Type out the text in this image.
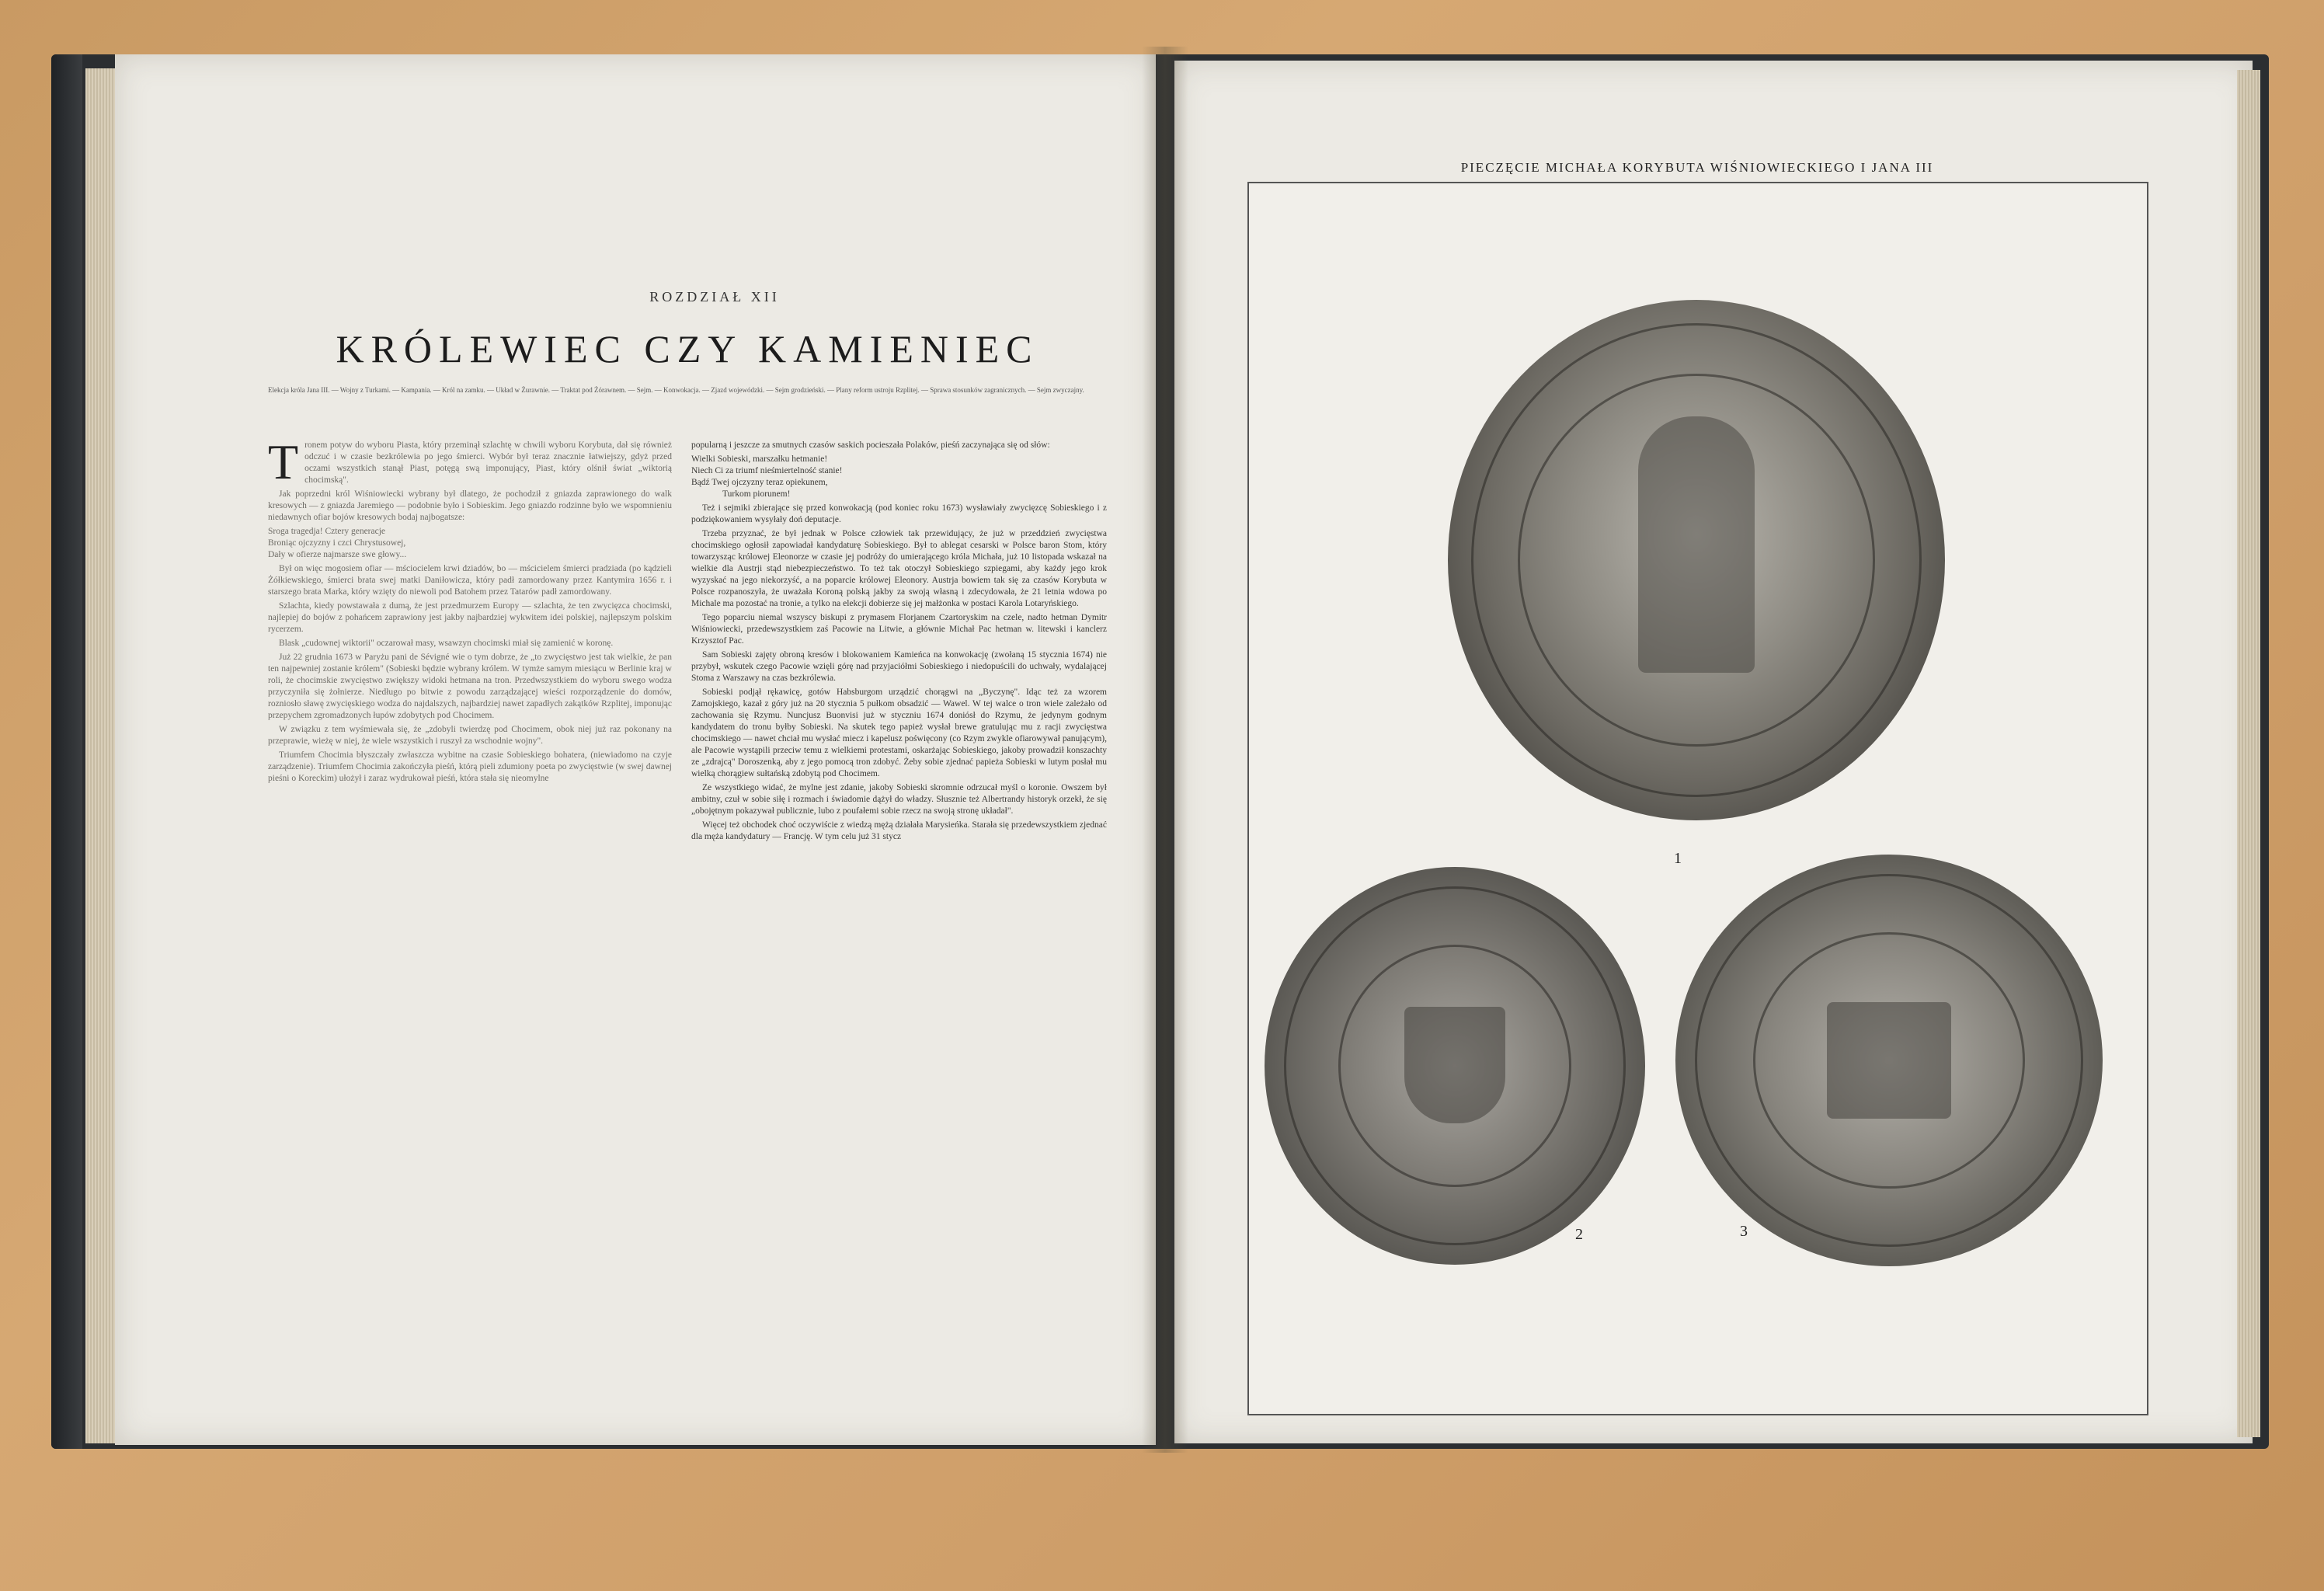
ROZDZIAŁ XII
KRÓLEWIEC CZY KAMIENIEC
Elekcja króla Jana III. — Wojny z Turkami. — Kampania. — Król na zamku. — Układ w Żurawnie. — Traktat pod Żórawnem. — Sejm. — Konwokacja. — Zjazd wojewódzki. — Sejm grodzieński. — Plany reform ustroju Rzplitej. — Sprawa stosunków zagranicznych. — Sejm zwyczajny.

Tronem potyw do wyboru Piasta, który przeminął szlachtę w chwili wyboru Korybuta, dał się również odczuć i w czasie bezkrólewia po jego śmierci. Wybór był teraz znacznie łatwiejszy, gdyż przed oczami wszystkich stanął Piast, potęgą swą imponujący, Piast, który olśnił świat „wiktorią chocimską".

Jak poprzedni król Wiśniowiecki wybrany był dlatego, że pochodził z gniazda zaprawionego do walk kresowych — z gniazda Jaremiego — podobnie było i Sobieskim. Jego gniazdo rodzinne było we wspomnieniu niedawnych ofiar bojów kresowych bodaj najbogatsze:

Sroga tragedja! Cztery generacje
Broniąc ojczyzny i czci Chrystusowej,
Dały w ofierze najmarsze swe głowy...

Był on więc mogosiem ofiar — mściocielem krwi dziadów, bo — mścicielem śmierci pradziada (po kądzieli Żółkiewskiego, śmierci brata swej matki Daniłowicza, który padł zamordowany przez Kantymira 1656 r. i starszego brata Marka, który wzięty do niewoli pod Batohem przez Tatarów padł zamordowany.

Szlachta, kiedy powstawała z dumą, że jest przedmurzem Europy — szlachta, że ten zwycięzca chocimski, najlepiej do bojów z pohańcem zaprawiony jest jakby najbardziej wykwitem idei polskiej, najlepszym polskim rycerzem.

Blask „cudownej wiktorii" oczarował masy, wsawzyn chocimski miał się zamienić w koronę.

Już 22 grudnia 1673 w Paryżu pani de Sévigné wie o tym dobrze, że „to zwycięstwo jest tak wielkie, że pan ten najpewniej zostanie królem" (Sobieski będzie wybrany królem. W tymże samym miesiącu w Berlinie kraj w roli, że chocimskie zwycięstwo zwiększy widoki hetmana na tron. Przedwszystkiem do wyboru swego wodza przyczyniła się żołnierze. Niedługo po bitwie z powodu zarządzającej wieści rozporządzenie do domów, rozniosło sławę zwycięskiego wodza do najdalszych, najbardziej nawet zapadłych zakątków Rzplitej, imponując przepychem zgromadzonych łupów zdobytych pod Chocimem.

W związku z tem wyśmiewała się, że „zdobyli twierdzę pod Chocimem, obok niej już raz pokonany na przeprawie, wieżę w niej, że wiele wszystkich i ruszył za wschodnie wojny".

Triumfem Chocimia błyszczały zwłaszcza wybitne na czasie Sobieskiego bohatera, (niewiadomo na czyje zarządzenie). Triumfem Chocimia zakończyła pieśń, którą pieli zdumiony poeta po zwycięstwie (w swej dawnej pieśni o Koreckim) ułożył i zaraz wydrukował pieśń, która stała się nieomylne

popularną i jeszcze za smutnych czasów saskich pocieszała Polaków, pieśń zaczynająca się od słów:

Wielki Sobieski, marszałku hetmanie!
Niech Ci za triumf nieśmiertelność stanie!
Bądź Twej ojczyzny teraz opiekunem,
Turkom piorunem!

Też i sejmiki zbierające się przed konwokacją (pod koniec roku 1673) wysławiały zwycięzcę Sobieskiego i z podziękowaniem wysyłały doń deputacje.

Trzeba przyznać, że był jednak w Polsce człowiek tak przewidujący, że już w przeddzień zwycięstwa chocimskiego ogłosił zapowiadał kandydaturę Sobieskiego. Był to ablegat cesarski w Polsce baron Stom, który towarzysząc królowej Eleonorze w czasie jej podróży do umierającego króla Michała, już 10 listopada wskazał na wielkie dla Austrji stąd niebezpieczeństwo. To też tak otoczył Sobieskiego szpiegami, aby każdy jego krok wyzyskać na jego niekorzyść, a na poparcie królowej Eleonory. Austrja bowiem tak się za czasów Korybuta w Polsce rozpanoszyła, że uważała Koroną polską jakby za swoją własną i zdecydowała, że 21 letnia wdowa po Michale ma pozostać na tronie, a tylko na elekcji dobierze się jej małżonka w postaci Karola Lotaryńskiego.

Tego poparciu niemal wszyscy biskupi z prymasem Florjanem Czartoryskim na czele, nadto hetman Dymitr Wiśniowiecki, przedewszystkiem zaś Pacowie na Litwie, a głównie Michał Pac hetman w. litewski i kanclerz Krzysztof Pac.

Sam Sobieski zajęty obroną kresów i blokowaniem Kamieńca na konwokację (zwołaną 15 stycznia 1674) nie przybył, wskutek czego Pacowie wzięli górę nad przyjaciółmi Sobieskiego i niedopuścili do uchwały, wydalającej Stoma z Warszawy na czas bezkrólewia.

Sobieski podjął rękawicę, gotów Habsburgom urządzić chorągwi na „Byczynę". Idąc też za wzorem Zamojskiego, kazał z góry już na 20 stycznia 5 pułkom obsadzić — Wawel. W tej walce o tron wiele zależało od zachowania się Rzymu. Nuncjusz Buonvisi już w styczniu 1674 doniósł do Rzymu, że jedynym godnym kandydatem do tronu byłby Sobieski. Na skutek tego papież wysłał brewe gratulując mu z racji zwycięstwa chocimskiego — nawet chciał mu wysłać miecz i kapelusz poświęcony (co Rzym zwykle ofiarowywał panującym), ale Pacowie wystąpili przeciw temu z wielkiemi protestami, oskarżając Sobieskiego, jakoby prowadził konszachty ze „zdrajcą" Doroszenką, aby z jego pomocą tron zdobyć. Żeby sobie zjednać papieża Sobieski w lutym posłał mu wielką chorągiew sułtańską zdobytą pod Chocimem.

Ze wszystkiego widać, że mylne jest zdanie, jakoby Sobieski skromnie odrzucał myśl o koronie. Owszem był ambitny, czuł w sobie siłę i rozmach i świadomie dążył do władzy. Słusznie też Albertrandy historyk orzekł, że się „obojętnym pokazywał publicznie, lubo z poufałemi sobie rzecz na swoją stronę układał".

Więcej też obchodek choć oczywiście z wiedzą mężą działała Marysieńka. Starała się przedewszystkiem zjednać dla męża kandydatury — Francję. W tym celu już 31 stycz

PIECZĘCIE MICHAŁA KORYBUTA WIŚNIOWIECKIEGO I JANA III
1
2	3
